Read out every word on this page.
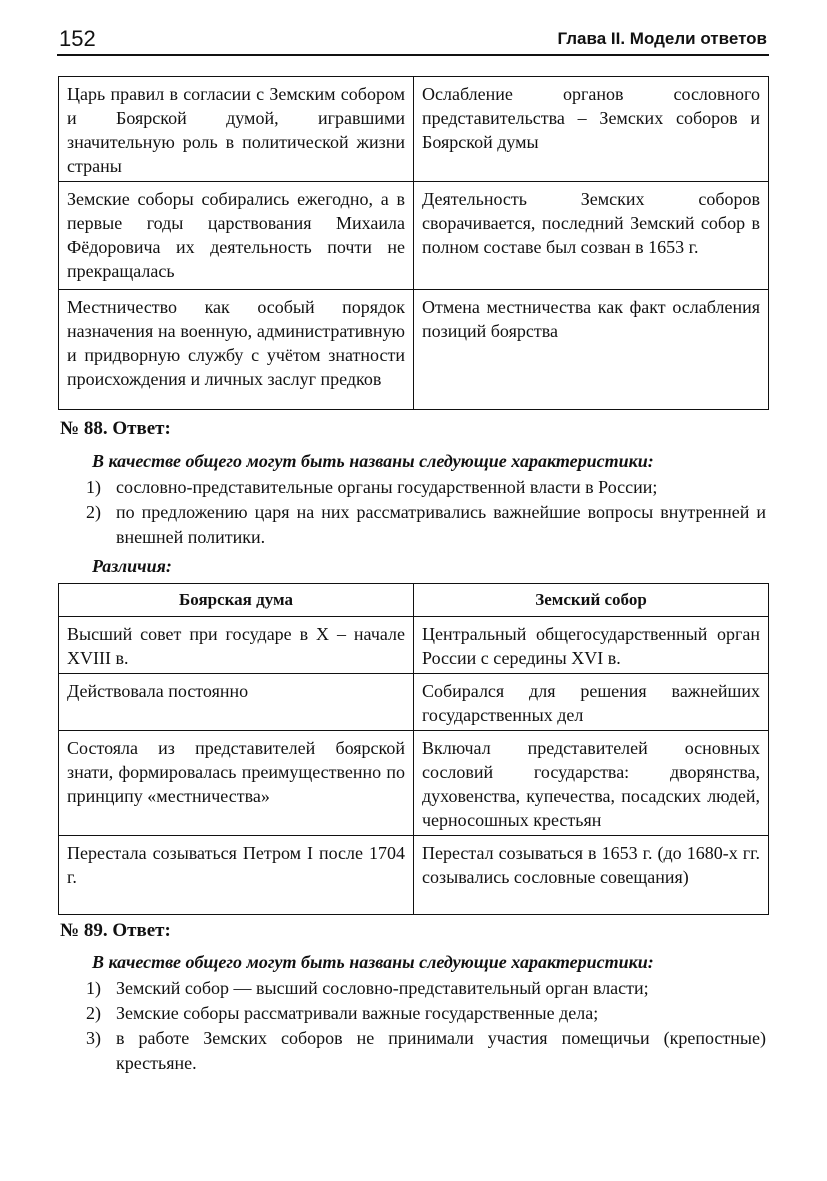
152	Глава II. Модели ответов
Царь правил в согласии с Земским собором и Боярской думой, игравшими значительную роль в политической жизни страны	Ослабление органов сословного представительства – Земских соборов и Боярской думы
Земские соборы собирались ежегодно, а в первые годы царствования Михаила Фёдоровича их деятельность почти не прекращалась	Деятельность Земских соборов сворачивается, последний Земский собор в полном составе был созван в 1653 г.
Местничество как особый порядок назначения на военную, административную и придворную службу с учётом знатности происхождения и личных заслуг предков	Отмена местничества как факт ослабления позиций боярства
№ 88. Ответ:
В качестве общего могут быть названы следующие характеристики:
1) сословно-представительные органы государственной власти в России;
2) по предложению царя на них рассматривались важнейшие вопросы внутренней и внешней политики.
Различия:
Боярская дума	Земский собор
Высший совет при государе в X – начале XVIII в.	Центральный общегосударственный орган России с середины XVI в.
Действовала постоянно	Собирался для решения важнейших государственных дел
Состояла из представителей боярской знати, формировалась преимущественно по принципу «местничества»	Включал представителей основных сословий государства: дворянства, духовенства, купечества, посадских людей, черносошных крестьян
Перестала созываться Петром I после 1704 г.	Перестал созываться в 1653 г. (до 1680-х гг. созывались сословные совещания)
№ 89. Ответ:
В качестве общего могут быть названы следующие характеристики:
1) Земский собор — высший сословно-представительный орган власти;
2) Земские соборы рассматривали важные государственные дела;
3) в работе Земских соборов не принимали участия помещичьи (крепостные) крестьяне.
